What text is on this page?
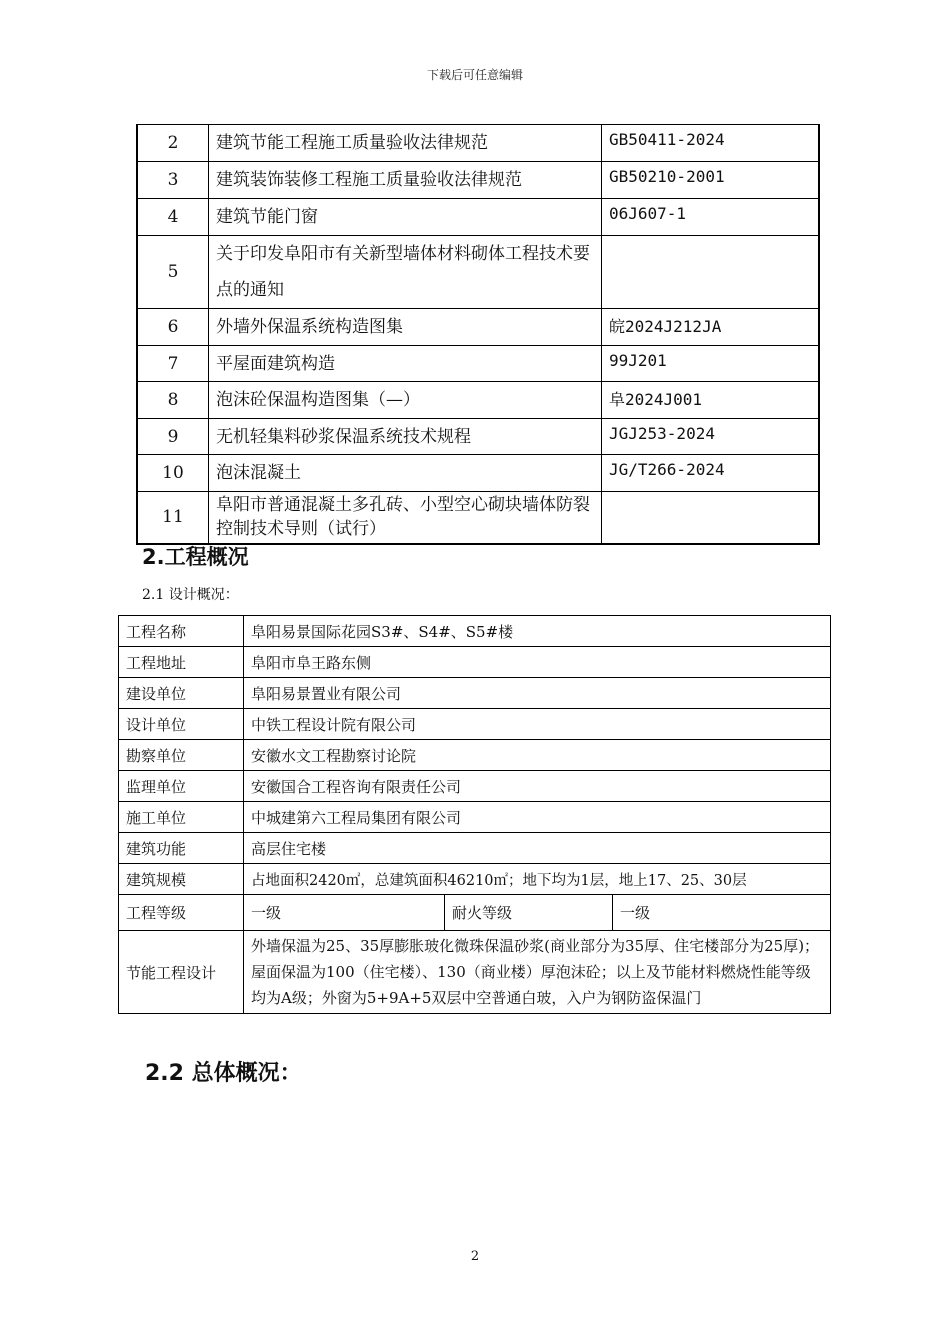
下载后可任意编辑
2	建筑节能工程施工质量验收法律规范	GB50411-2024
3	建筑装饰装修工程施工质量验收法律规范	GB50210-2001
4	建筑节能门窗	06J607-1
5	关于印发阜阳市有关新型墙体材料砌体工程技术要点的通知	
6	外墙外保温系统构造图集	皖2024J212JA
7	平屋面建筑构造	99J201
8	泡沫砼保温构造图集（—）	阜2024J001
9	无机轻集料砂浆保温系统技术规程	JGJ253-2024
10	泡沫混凝土	JG/T266-2024
11	阜阳市普通混凝土多孔砖、小型空心砌块墙体防裂控制技术导则（试行）	
2.工程概况
2.1 设计概况：
工程名称	阜阳易景国际花园S3#、S4#、S5#楼		
工程地址	阜阳市阜王路东侧		
建设单位	阜阳易景置业有限公司		
设计单位	中铁工程设计院有限公司		
勘察单位	安徽水文工程勘察讨论院		
监理单位	安徽国合工程咨询有限责任公司		
施工单位	中城建第六工程局集团有限公司		
建筑功能	高层住宅楼		
建筑规模	占地面积2420㎡，总建筑面积46210㎡；地下均为1层，地上17、25、30层		
工程等级	一级	耐火等级	一级
节能工程设计	外墙保温为25、35厚膨胀玻化微珠保温砂浆(商业部分为35厚、住宅楼部分为25厚)；屋面保温为100（住宅楼）、130（商业楼）厚泡沫砼；以上及节能材料燃烧性能等级均为A级；外窗为5+9A+5双层中空普通白玻，入户为钢防盗保温门		
2.2 总体概况：
2
